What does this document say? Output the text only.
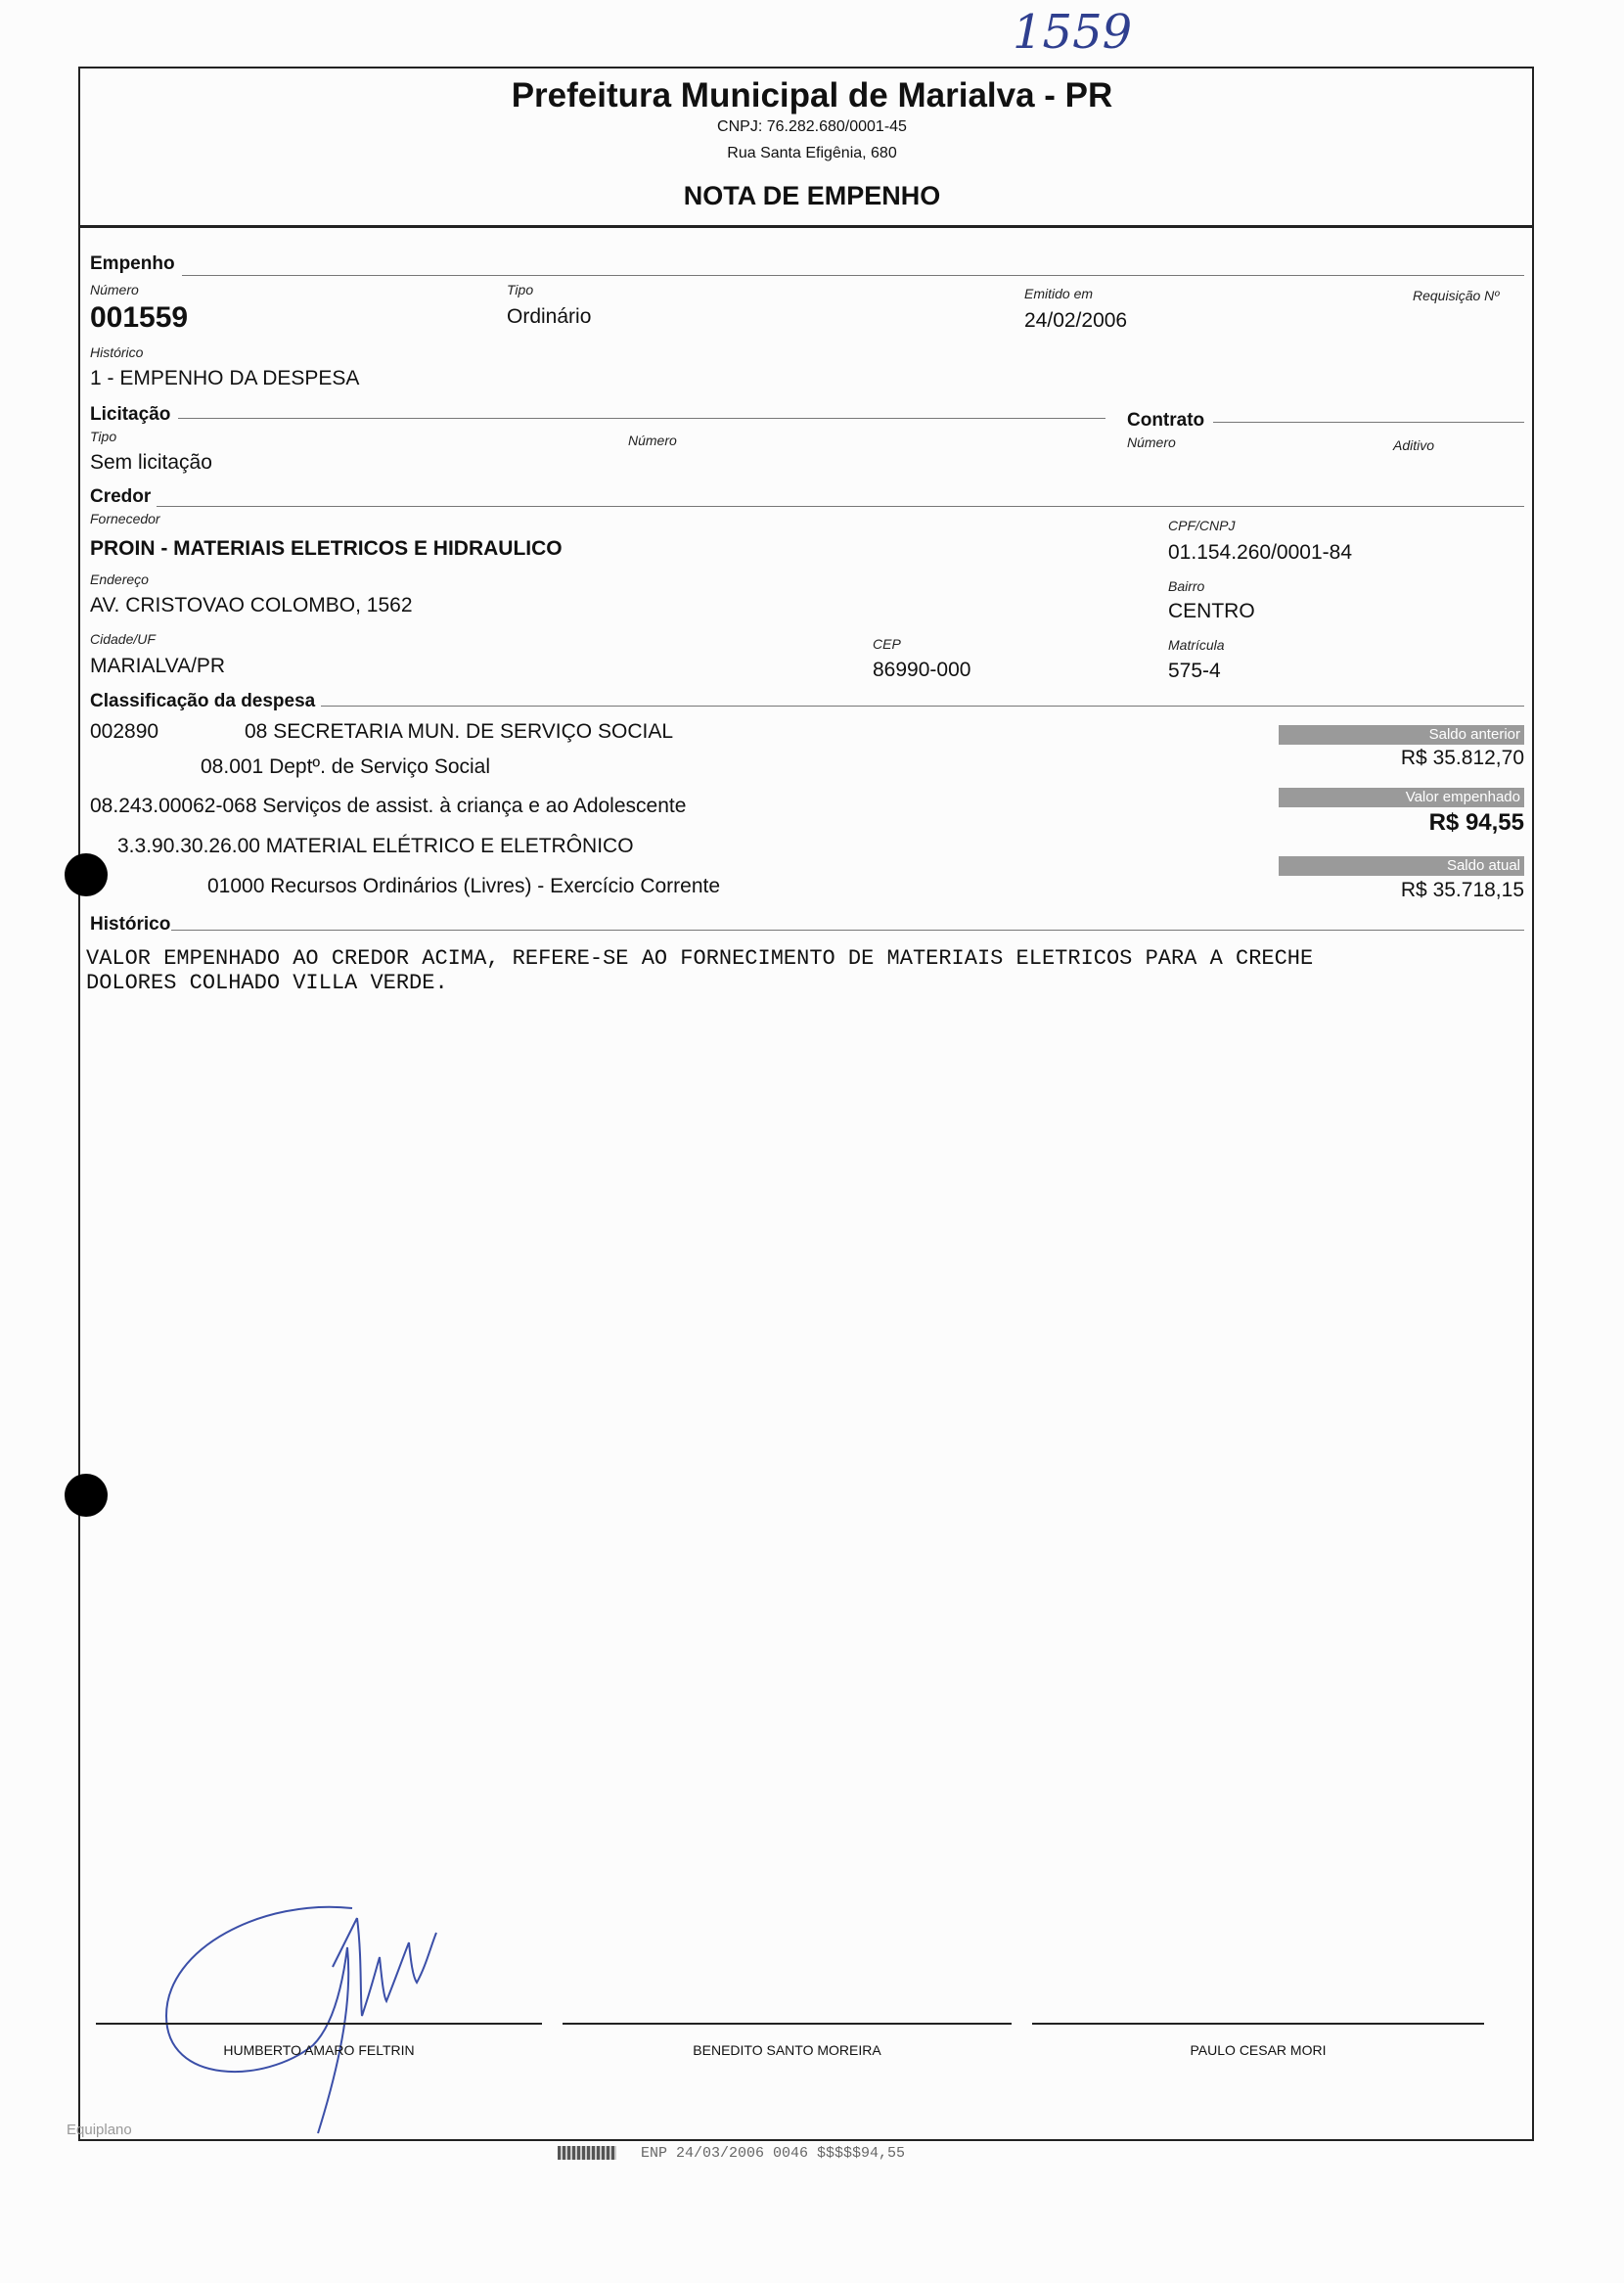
1559
Prefeitura Municipal de Marialva - PR
CNPJ: 76.282.680/0001-45
Rua Santa Efigênia, 680
NOTA DE EMPENHO
Empenho
Número
001559
Tipo
Ordinário
Emitido em
24/02/2006
Requisição Nº
Histórico
1 - EMPENHO DA DESPESA
Licitação
Tipo
Sem licitação
Número
Contrato
Número	Aditivo
Credor
Fornecedor
PROIN - MATERIAIS ELETRICOS E HIDRAULICO
CPF/CNPJ
01.154.260/0001-84
Endereço
AV. CRISTOVAO COLOMBO, 1562
Bairro
CENTRO
Cidade/UF
MARIALVA/PR
CEP
86990-000
Matrícula
575-4
Classificação da despesa
002890	08 SECRETARIA MUN. DE SERVIÇO SOCIAL
08.001 Deptº. de Serviço Social
08.243.00062-068 Serviços de assist. à criança e ao Adolescente
3.3.90.30.26.00 MATERIAL ELÉTRICO E ELETRÔNICO
01000 Recursos Ordinários (Livres) - Exercício Corrente
Saldo anterior
R$ 35.812,70
Valor empenhado
R$ 94,55
Saldo atual
R$ 35.718,15
Histórico
VALOR EMPENHADO AO CREDOR ACIMA, REFERE-SE AO FORNECIMENTO DE MATERIAIS ELETRICOS PARA A CRECHE
DOLORES COLHADO VILLA VERDE.
HUMBERTO AMARO FELTRIN	BENEDITO SANTO MOREIRA	PAULO CESAR MORI
Equiplano
ENP 24/03/2006 0046 $$$$$94,55
